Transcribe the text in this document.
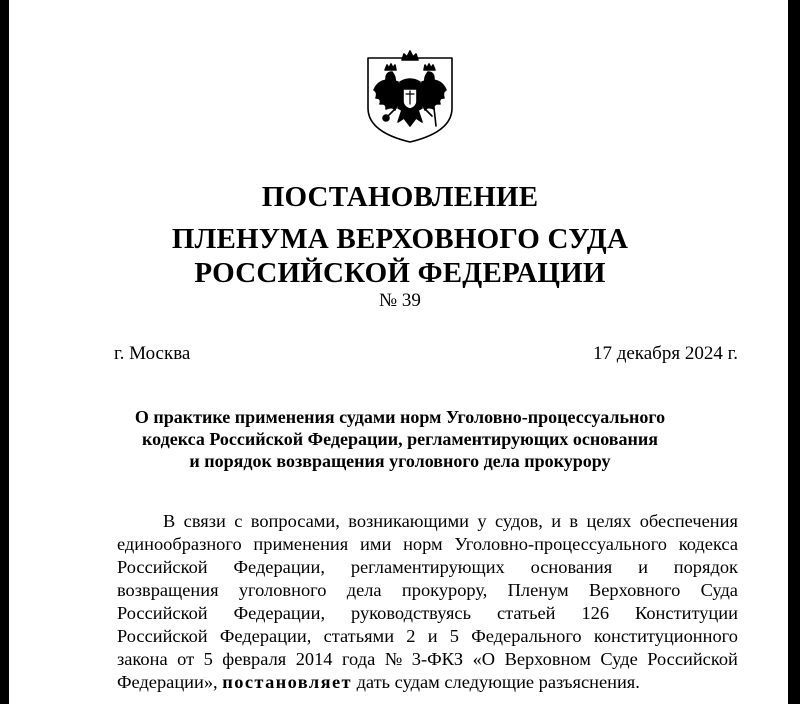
ПОСТАНОВЛЕНИЕ
ПЛЕНУМА ВЕРХОВНОГО СУДА
РОССИЙСКОЙ ФЕДЕРАЦИИ
№ 39
г. Москва	17 декабря 2024 г.
О практике применения судами норм Уголовно-процессуального
кодекса Российской Федерации, регламентирующих основания
и порядок возвращения уголовного дела прокурору
В связи с вопросами, возникающими у судов, и в целях обеспечения
единообразного применения ими норм Уголовно-процессуального кодекса
Российской Федерации, регламентирующих основания и порядок
возвращения уголовного дела прокурору, Пленум Верховного Суда
Российской Федерации, руководствуясь статьей 126 Конституции
Российской Федерации, статьями 2 и 5 Федерального конституционного
закона от 5 февраля 2014 года № 3-ФКЗ «О Верховном Суде Российской
Федерации»,
постановляет
дать судам следующие разъяснения.
